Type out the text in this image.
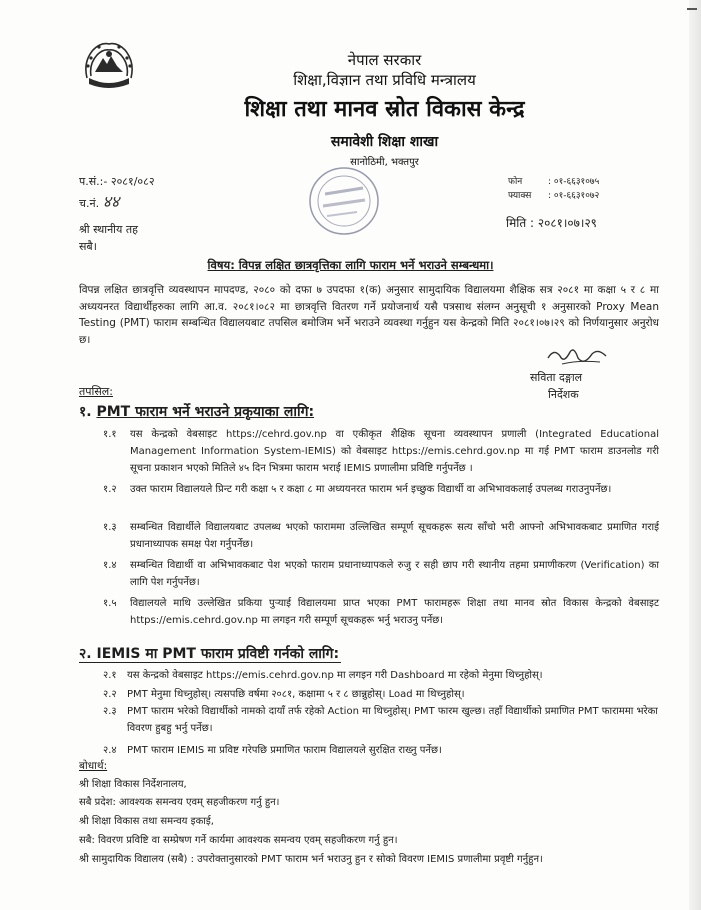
नेपाल सरकार
शिक्षा,विज्ञान तथा प्रविधि मन्त्रालय
शिक्षा तथा मानव स्रोत विकास केन्द्र
समावेशी शिक्षा शाखा
सानोठिमी, भक्तपुर
प.सं.:- २०८१/०८२
च.नं. ४४
फोन	: ०१-६६३१०७५
फ्याक्स : ०१-६६३१०७२
मिति : २०८१।०७।२९
श्री स्थानीय तह
सबै।
विषय: विपन्न लक्षित छात्रवृत्तिका लागि फाराम भर्ने भराउने सम्बन्धमा।
विपन्न लक्षित छात्रवृत्ति व्यवस्थापन मापदण्ड, २०८० को दफा ७ उपदफा १(क) अनुसार सामुदायिक विद्यालयमा शैक्षिक सत्र २०८१ मा कक्षा ५ र ८ मा अध्ययनरत विद्यार्थीहरुका लागि आ.व. २०८१।०८२ मा छात्रवृत्ति वितरण गर्ने प्रयोजनार्थ यसै पत्रसाथ संलग्न अनुसूची १ अनुसारको Proxy Mean Testing (PMT) फाराम सम्बन्धित विद्यालयबाट तपसिल बमोजिम भर्ने भराउने व्यवस्था गर्नुहुन यस केन्द्रको मिति २०८१।०७।२९ को निर्णयानुसार अनुरोध छ।
सविता दङ्गाल
निर्देशक
तपसिल:
१. PMT फाराम भर्ने भराउने प्रकृयाका लागि:
१.१	यस केन्द्रको वेबसाइट https://cehrd.gov.np वा एकीकृत शैक्षिक सूचना व्यवस्थापन प्रणाली (Integrated Educational Management Information System-IEMIS) को वेबसाइट https://emis.cehrd.gov.np मा गई PMT फाराम डाउनलोड गरी सूचना प्रकाशन भएको मितिले ४५ दिन भित्रमा फाराम भराई IEMIS प्रणालीमा प्रविष्टि गर्नुपर्नेछ ।
१.२	उक्त फाराम विद्यालयले प्रिन्ट गरी कक्षा ५ र कक्षा ८ मा अध्ययनरत फाराम भर्न इच्छुक विद्यार्थी वा अभिभावकलाई उपलब्ध गराउनुपर्नेछ।
१.३	सम्बन्धित विद्यार्थीले विद्यालयबाट उपलब्ध भएको फाराममा उल्लिखित सम्पूर्ण सूचकहरू सत्य साँचो भरी आफ्नो अभिभावकबाट प्रमाणित गराई प्रधानाध्यापक समक्ष पेश गर्नुपर्नेछ।
१.४	सम्बन्धित विद्यार्थी वा अभिभावकबाट पेश भएको फाराम प्रधानाध्यापकले रुजु र सही छाप गरी स्थानीय तहमा प्रमाणीकरण (Verification) का लागि पेश गर्नुपर्नेछ।
१.५	विद्यालयले माथि उल्लेखित प्रकिया पुऱ्याई विद्यालयमा प्राप्त भएका PMT फारामहरू शिक्षा तथा मानव स्रोत विकास केन्द्रको वेबसाइट https://emis.cehrd.gov.np मा लगइन गरी सम्पूर्ण सूचकहरू भर्नु भराउनु पर्नेछ।
२. IEMIS मा PMT फाराम प्रविष्टी गर्नको लागि:
२.१	यस केन्द्रको वेबसाइट https://emis.cehrd.gov.np मा लगइन गरी Dashboard मा रहेको मेनुमा थिच्नुहोस्।
२.२	PMT मेनुमा थिच्नुहोस्। त्यसपछि वर्षमा २०८१, कक्षामा ५ र ८ छान्नुहोस्। Load मा थिच्नुहोस्।
२.३	PMT फाराम भरेको विद्यार्थीको नामको दायाँ तर्फ रहेको Action मा थिच्नुहोस्। PMT फारम खुल्छ। तहाँ विद्यार्थीको प्रमाणित PMT फाराममा भरेका विवरण हुबहु भर्नु पर्नेछ।
२.४	PMT फाराम IEMIS मा प्रविष्ट गरेपछि प्रमाणित फाराम विद्यालयले सुरक्षित राख्नु पर्नेछ।
बोधार्थ:
श्री शिक्षा विकास निर्देशनालय,
सबै प्रदेश: आवश्यक समन्वय एवम् सहजीकरण गर्नु हुन।
श्री शिक्षा विकास तथा समन्वय इकाई,
सबै: विवरण प्रविष्टि वा सम्प्रेषण गर्ने कार्यमा आवश्यक समन्वय एवम् सहजीकरण गर्नु हुन।
श्री सामुदायिक विद्यालय (सबै) : उपरोक्तानुसारको PMT फाराम भर्न भराउनु हुन र सोको विवरण IEMIS प्रणालीमा प्रवृष्टी गर्नुहुन।
